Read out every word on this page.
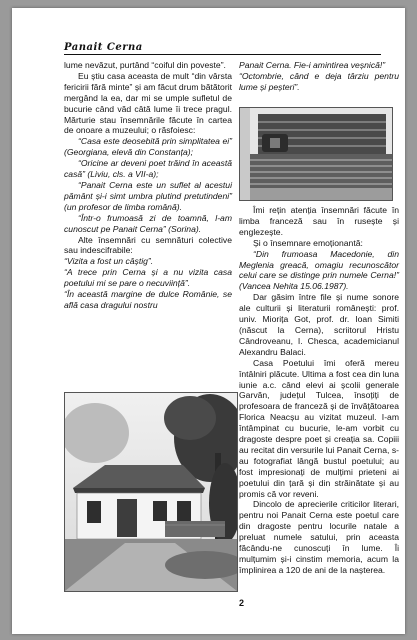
Panait Cerna

lume nevăzut, purtând “coiful din poveste”.

Eu știu casa aceasta de mult “din vârsta fericirii fără minte” și am făcut drum bătătorit mergând la ea, dar mi se umple sufletul de bucurie când văd câtă lume îi trece pragul. Mărturie stau însemnările făcute în cartea de onoare a muzeului; o răsfoiesc:

“Casa este deosebită prin simplitatea ei” (Georgiana, elevă din Constanța);

“Oricine ar deveni poet trăind în această casă” (Liviu, cls. a VII-a);

“Panait Cerna este un suflet al acestui pământ și-i simt umbra plutind pretutindeni” (un profesor de limba română).

“Într-o frumoasă zi de toamnă, l-am cunoscut pe Panait Cerna” (Sorina).

Alte însemnări cu semnături colective sau indescifrabile:

“Vizita a fost un câștig”.

“A trece prin Cerna și a nu vizita casa poetului mi se pare o necuviință”.

“În această margine de dulce Românie, se află casa dragului nostru

Panait Cerna. Fie-i amintirea veșnică!”

“Octombrie, când e deja târziu pentru lume și peșteri”.

Îmi rețin atenția însemnări făcute în limba franceză sau în rusește și englezește.

Și o însemnare emoționantă:

“Din frumoasa Macedonie, din Meglenia greacă, omagiu recunoscător celui care se distinge prin numele Cerna!” (Vancea Nehita 15.06.1987).

Dar găsim între file și nume sonore ale culturii și literaturii românești: prof. univ. Miorița Got, prof. dr. Ioan Simiti (născut la Cerna), scriitorul Hristu Cândroveanu, I. Chesca, academicianul Alexandru Balaci.

Casa Poetului îmi oferă mereu întâlniri plăcute. Ultima a fost cea din luna iunie a.c. când elevi ai școlii generale Garvăn, județul Tulcea, însoțiți de profesoara de franceză și de învățătoarea Florica Neacșu au vizitat muzeul. I-am întâmpinat cu bucurie, le-am vorbit cu dragoste despre poet și creația sa. Copiii au recitat din versurile lui Panait Cerna, s-au fotografiat lângă bustul poetului; au fost impresionați de mulțimi prieteni ai poetului din țară și din străinătate și au promis că vor reveni.

Dincolo de aprecierile criticilor literari, pentru noi Panait Cerna este poetul care din dragoste pentru locurile natale a preluat numele satului, prin aceasta făcându-ne cunoscuți în lume. Îi mulțumim și-i cinstim memoria, acum la împlinirea a 120 de ani de la nașterea.

2
